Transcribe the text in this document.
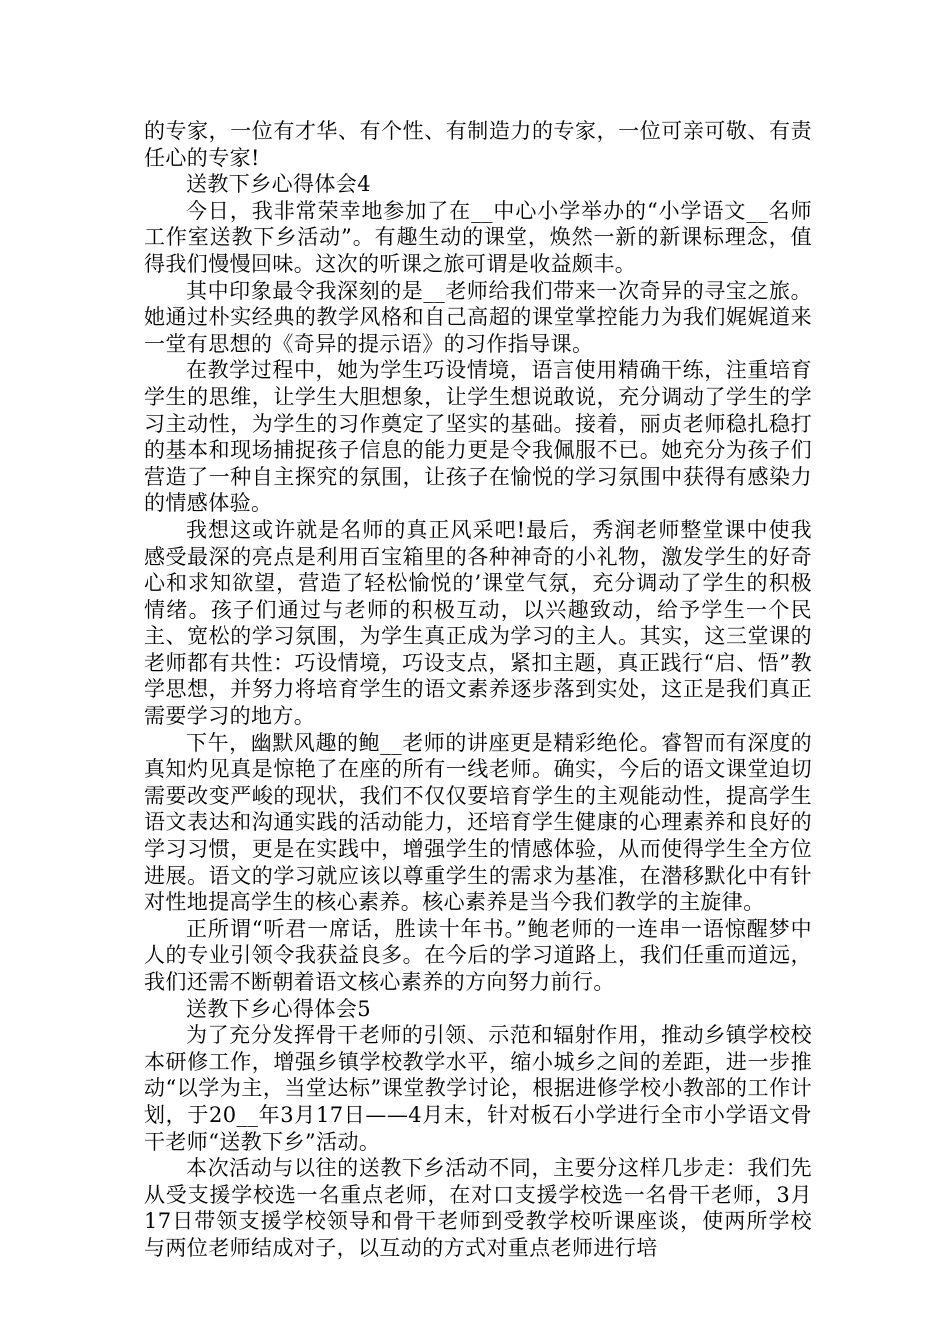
的专家，一位有才华、有个性、有制造力的专家，一位可亲可敬、有责任心的专家!

送教下乡心得体会4

今日，我非常荣幸地参加了在__中心小学举办的“小学语文__名师工作室送教下乡活动”。有趣生动的课堂，焕然一新的新课标理念，值得我们慢慢回味。这次的听课之旅可谓是收益颇丰。

其中印象最令我深刻的是__老师给我们带来一次奇异的寻宝之旅。她通过朴实经典的教学风格和自己高超的课堂掌控能力为我们娓娓道来一堂有思想的《奇异的提示语》的习作指导课。

在教学过程中，她为学生巧设情境，语言使用精确干练，注重培育学生的思维，让学生大胆想象，让学生想说敢说，充分调动了学生的学习主动性，为学生的习作奠定了坚实的基础。接着，丽贞老师稳扎稳打的基本和现场捕捉孩子信息的能力更是令我佩服不已。她充分为孩子们营造了一种自主探究的氛围，让孩子在愉悦的学习氛围中获得有感染力的情感体验。

我想这或许就是名师的真正风采吧!最后，秀润老师整堂课中使我感受最深的亮点是利用百宝箱里的各种神奇的小礼物，激发学生的好奇心和求知欲望，营造了轻松愉悦的’课堂气氛，充分调动了学生的积极情绪。孩子们通过与老师的积极互动，以兴趣致动，给予学生一个民主、宽松的学习氛围，为学生真正成为学习的主人。其实，这三堂课的老师都有共性：巧设情境，巧设支点，紧扣主题，真正践行“启、悟”教学思想，并努力将培育学生的语文素养逐步落到实处，这正是我们真正需要学习的地方。

下午，幽默风趣的鲍__老师的讲座更是精彩绝伦。睿智而有深度的真知灼见真是惊艳了在座的所有一线老师。确实，今后的语文课堂迫切需要改变严峻的现状，我们不仅仅要培育学生的主观能动性，提高学生语文表达和沟通实践的活动能力，还培育学生健康的心理素养和良好的学习习惯，更是在实践中，增强学生的情感体验，从而使得学生全方位进展。语文的学习就应该以尊重学生的需求为基准，在潜移默化中有针对性地提高学生的核心素养。核心素养是当今我们教学的主旋律。

正所谓“听君一席话，胜读十年书。”鲍老师的一连串一语惊醒梦中人的专业引领令我获益良多。在今后的学习道路上，我们任重而道远，我们还需不断朝着语文核心素养的方向努力前行。

送教下乡心得体会5

为了充分发挥骨干老师的引领、示范和辐射作用，推动乡镇学校校本研修工作，增强乡镇学校教学水平，缩小城乡之间的差距，进一步推动“以学为主，当堂达标”课堂教学讨论，根据进修学校小教部的工作计划，于20__年3月17日——4月末，针对板石小学进行全市小学语文骨干老师“送教下乡”活动。

本次活动与以往的送教下乡活动不同，主要分这样几步走：我们先从受支援学校选一名重点老师，在对口支援学校选一名骨干老师，3月17日带领支援学校领导和骨干老师到受教学校听课座谈，使两所学校与两位老师结成对子，以互动的方式对重点老师进行培
